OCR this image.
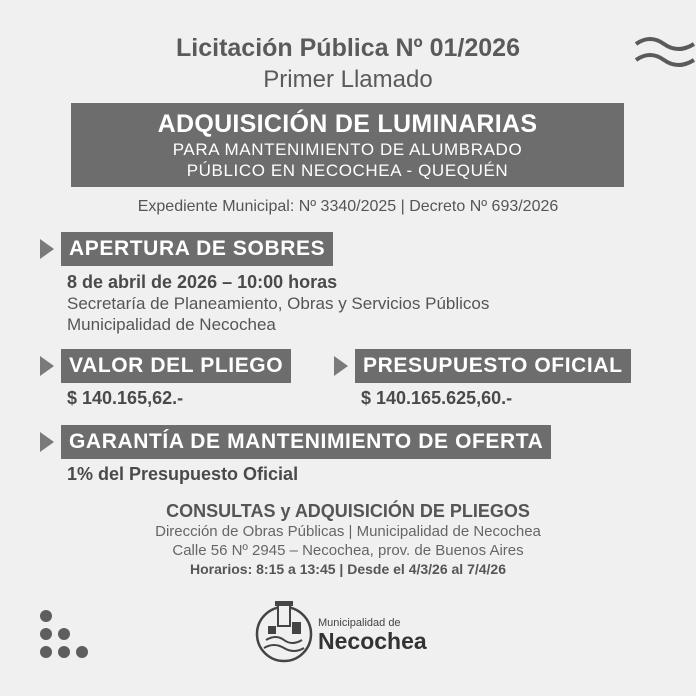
Licitación Pública Nº 01/2026
Primer Llamado
ADQUISICIÓN DE LUMINARIAS
PARA MANTENIMIENTO DE ALUMBRADO
PÚBLICO EN NECOCHEA - QUEQUÉN
Expediente Municipal: Nº 3340/2025 | Decreto Nº 693/2026
APERTURA DE SOBRES
8 de abril de 2026 – 10:00 horas
Secretaría de Planeamiento, Obras y Servicios Públicos
Municipalidad de Necochea
VALOR DEL PLIEGO
$ 140.165,62.-
PRESUPUESTO OFICIAL
$ 140.165.625,60.-
GARANTÍA DE MANTENIMIENTO DE OFERTA
1% del Presupuesto Oficial
CONSULTAS y ADQUISICIÓN DE PLIEGOS
Dirección de Obras Públicas | Municipalidad de Necochea
Calle 56 Nº 2945 – Necochea, prov. de Buenos Aires
Horarios: 8:15 a 13:45 | Desde el 4/3/26 al 7/4/26
Municipalidad de
Necochea
